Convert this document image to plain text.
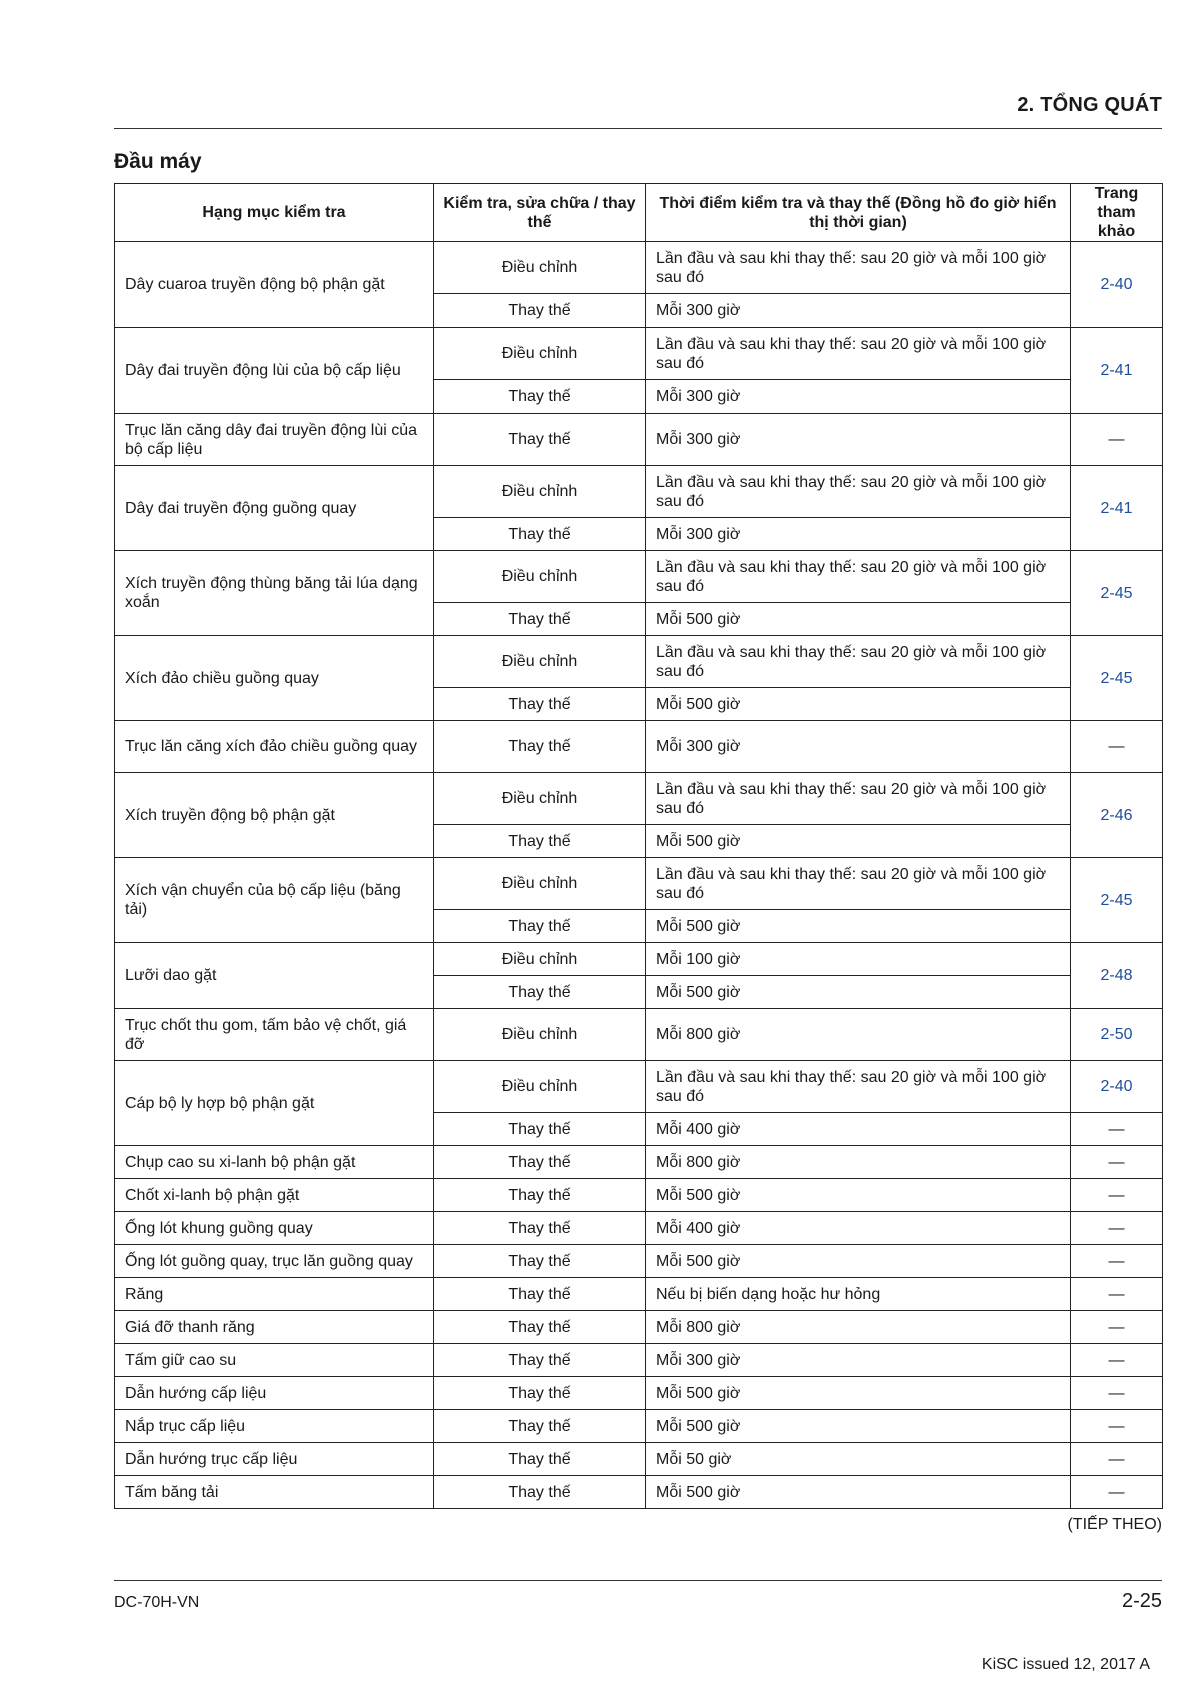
2. TỔNG QUÁT
Đầu máy
Hạng mục kiểm tra	Kiểm tra, sửa chữa / thay thế	Thời điểm kiểm tra và thay thế (Đồng hồ đo giờ hiển thị thời gian)	Trang tham khảo
Dây cuaroa truyền động bộ phận gặt	Điều chỉnh	Lần đầu và sau khi thay thế: sau 20 giờ và mỗi 100 giờ sau đó	2-40
	Thay thế	Mỗi 300 giờ	
Dây đai truyền động lùi của bộ cấp liệu	Điều chỉnh	Lần đầu và sau khi thay thế: sau 20 giờ và mỗi 100 giờ sau đó	2-41
	Thay thế	Mỗi 300 giờ	
Trục lăn căng dây đai truyền động lùi của bộ cấp liệu	Thay thế	Mỗi 300 giờ	—
Dây đai truyền động guồng quay	Điều chỉnh	Lần đầu và sau khi thay thế: sau 20 giờ và mỗi 100 giờ sau đó	2-41
	Thay thế	Mỗi 300 giờ	
Xích truyền động thùng băng tải lúa dạng xoắn	Điều chỉnh	Lần đầu và sau khi thay thế: sau 20 giờ và mỗi 100 giờ sau đó	2-45
	Thay thế	Mỗi 500 giờ	
Xích đảo chiều guồng quay	Điều chỉnh	Lần đầu và sau khi thay thế: sau 20 giờ và mỗi 100 giờ sau đó	2-45
	Thay thế	Mỗi 500 giờ	
Trục lăn căng xích đảo chiều guồng quay	Thay thế	Mỗi 300 giờ	—
Xích truyền động bộ phận gặt	Điều chỉnh	Lần đầu và sau khi thay thế: sau 20 giờ và mỗi 100 giờ sau đó	2-46
	Thay thế	Mỗi 500 giờ	
Xích vận chuyển của bộ cấp liệu (băng tải)	Điều chỉnh	Lần đầu và sau khi thay thế: sau 20 giờ và mỗi 100 giờ sau đó	2-45
	Thay thế	Mỗi 500 giờ	
Lưỡi dao gặt	Điều chỉnh	Mỗi 100 giờ	2-48
	Thay thế	Mỗi 500 giờ	
Trục chốt thu gom, tấm bảo vệ chốt, giá đỡ	Điều chỉnh	Mỗi 800 giờ	2-50
Cáp bộ ly hợp bộ phận gặt	Điều chỉnh	Lần đầu và sau khi thay thế: sau 20 giờ và mỗi 100 giờ sau đó	2-40
	Thay thế	Mỗi 400 giờ	—
Chụp cao su xi-lanh bộ phận gặt	Thay thế	Mỗi 800 giờ	—
Chốt xi-lanh bộ phận gặt	Thay thế	Mỗi 500 giờ	—
Ống lót khung guồng quay	Thay thế	Mỗi 400 giờ	—
Ống lót guồng quay, trục lăn guồng quay	Thay thế	Mỗi 500 giờ	—
Răng	Thay thế	Nếu bị biến dạng hoặc hư hỏng	—
Giá đỡ thanh răng	Thay thế	Mỗi 800 giờ	—
Tấm giữ cao su	Thay thế	Mỗi 300 giờ	—
Dẫn hướng cấp liệu	Thay thế	Mỗi 500 giờ	—
Nắp trục cấp liệu	Thay thế	Mỗi 500 giờ	—
Dẫn hướng trục cấp liệu	Thay thế	Mỗi 50 giờ	—
Tấm băng tải	Thay thế	Mỗi 500 giờ	—
(TIẾP THEO)
DC-70H-VN	2-25
KiSC issued 12, 2017 A
